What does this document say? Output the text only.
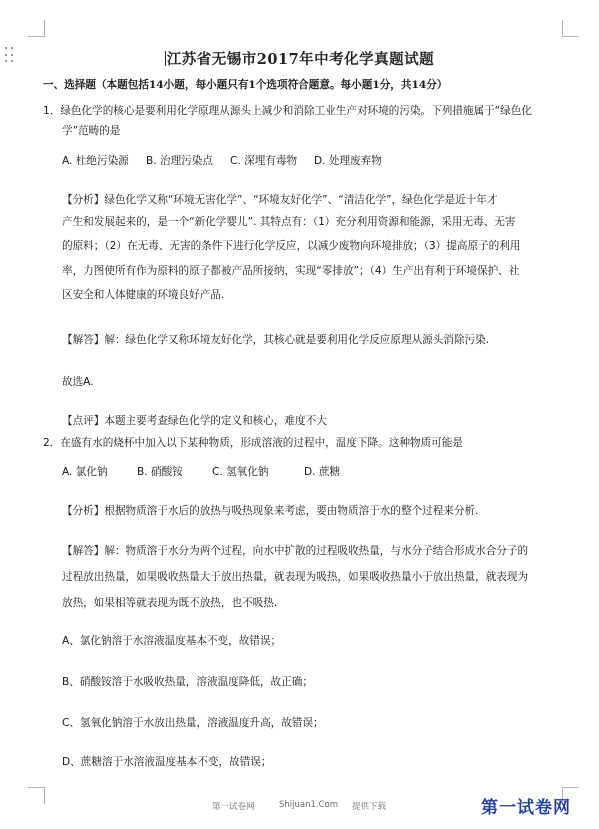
江苏省无锡市2017年中考化学真题试题
一、选择题（本题包括14小题，每小题只有1个选项符合题意。每小题1分，共14分）
1．绿色化学的核心是要利用化学原理从源头上减少和消除工业生产对环境的污染。下列措施属于“绿色化
学”范畴的是
A. 杜绝污染源	B. 治理污染点	C. 深埋有毒物	D. 处理废弃物
【分析】绿色化学又称“环境无害化学”、“环境友好化学”、“清洁化学”，绿色化学是近十年才
产生和发展起来的，是一个“新化学婴儿”. 其特点有：（1）充分利用资源和能源，采用无毒、无害
的原料；（2）在无毒、无害的条件下进行化学反应，以减少废物向环境排放；（3）提高原子的利用
率，力图使所有作为原料的原子都被产品所接纳，实现“零排放”；（4）生产出有利于环境保护、社
区安全和人体健康的环境良好产品.
【解答】解：绿色化学又称环境友好化学，其核心就是要利用化学反应原理从源头消除污染.
故选A.
【点评】本题主要考查绿色化学的定义和核心，难度不大
2．在盛有水的烧杯中加入以下某种物质，形成溶液的过程中，温度下降。这种物质可能是
A. 氯化钠	B. 硝酸铵	C. 氢氧化钠	D. 蔗糖
【分析】根据物质溶于水后的放热与吸热现象来考虑，要由物质溶于水的整个过程来分析.
【解答】解：物质溶于水分为两个过程，向水中扩散的过程吸收热量，与水分子结合形成水合分子的
过程放出热量，如果吸收热量大于放出热量，就表现为吸热，如果吸收热量小于放出热量，就表现为
放热，如果相等就表现为既不放热，也不吸热.
A、氯化钠溶于水溶液温度基本不变，故错误；
B、硝酸铵溶于水吸收热量，溶液温度降低，故正确；
C、氢氧化钠溶于水放出热量，溶液温度升高，故错误；
D、蔗糖溶于水溶液温度基本不变，故错误；
第一试卷网	Shijuan1.Com 提供下载	第一试卷网
